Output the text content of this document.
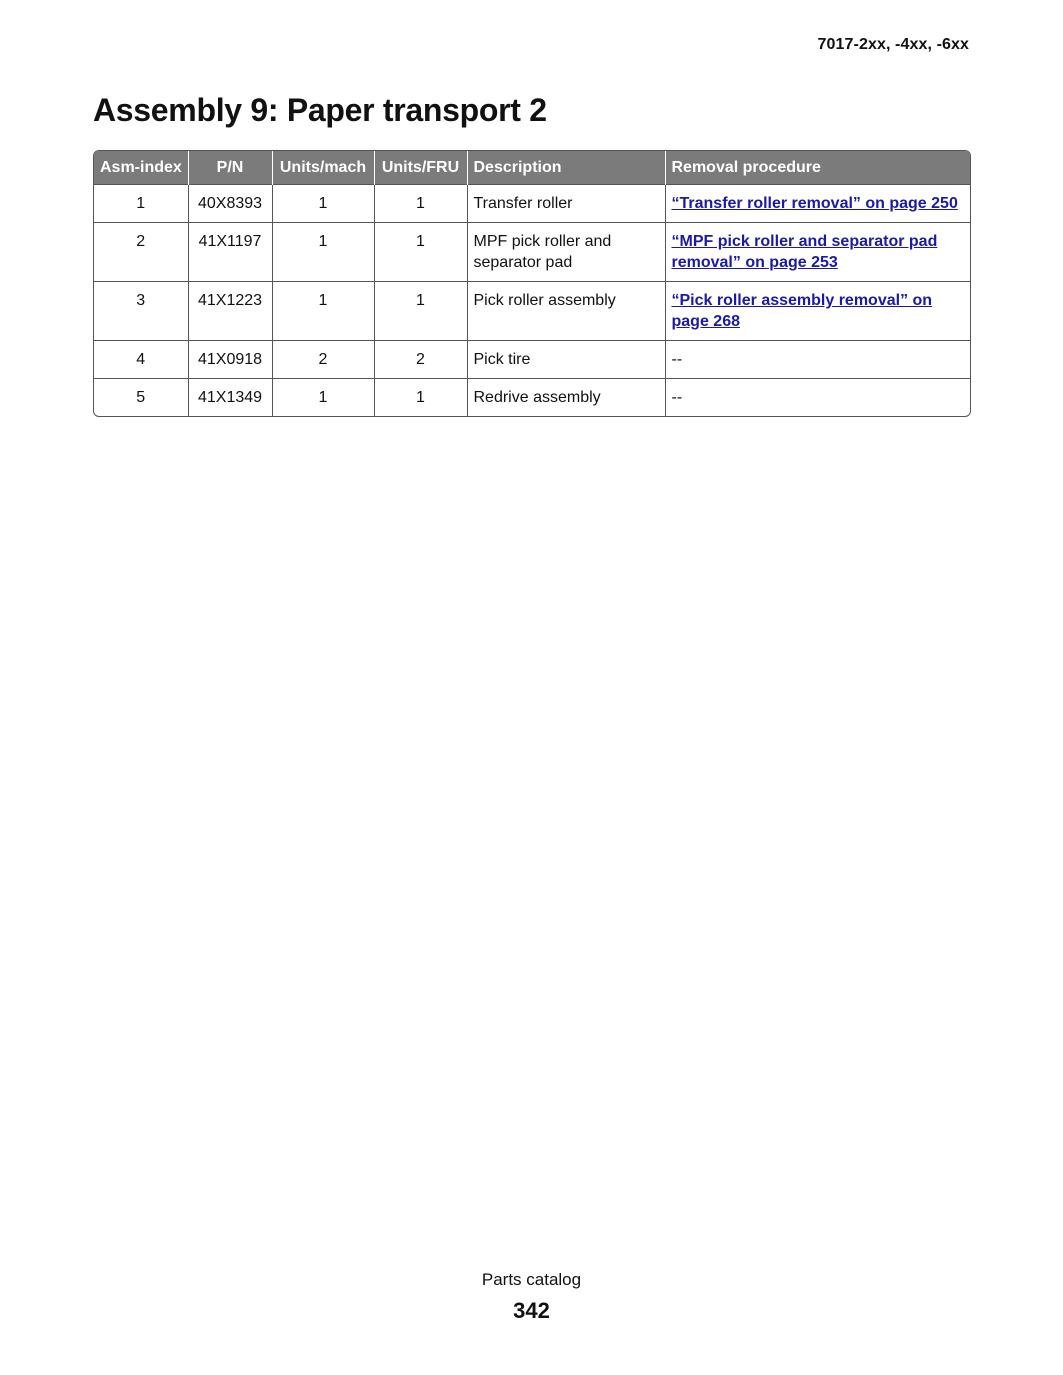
7017-2xx, -4xx, -6xx
Assembly 9: Paper transport 2
Asm-index	P/N	Units/mach	Units/FRU	Description	Removal procedure
1	40X8393	1	1	Transfer roller	“Transfer roller removal” on page 250
2	41X1197	1	1	MPF pick roller and separator pad	“MPF pick roller and separator pad removal” on page 253
3	41X1223	1	1	Pick roller assembly	“Pick roller assembly removal” on page 268
4	41X0918	2	2	Pick tire	--
5	41X1349	1	1	Redrive assembly	--
Parts catalog
342
